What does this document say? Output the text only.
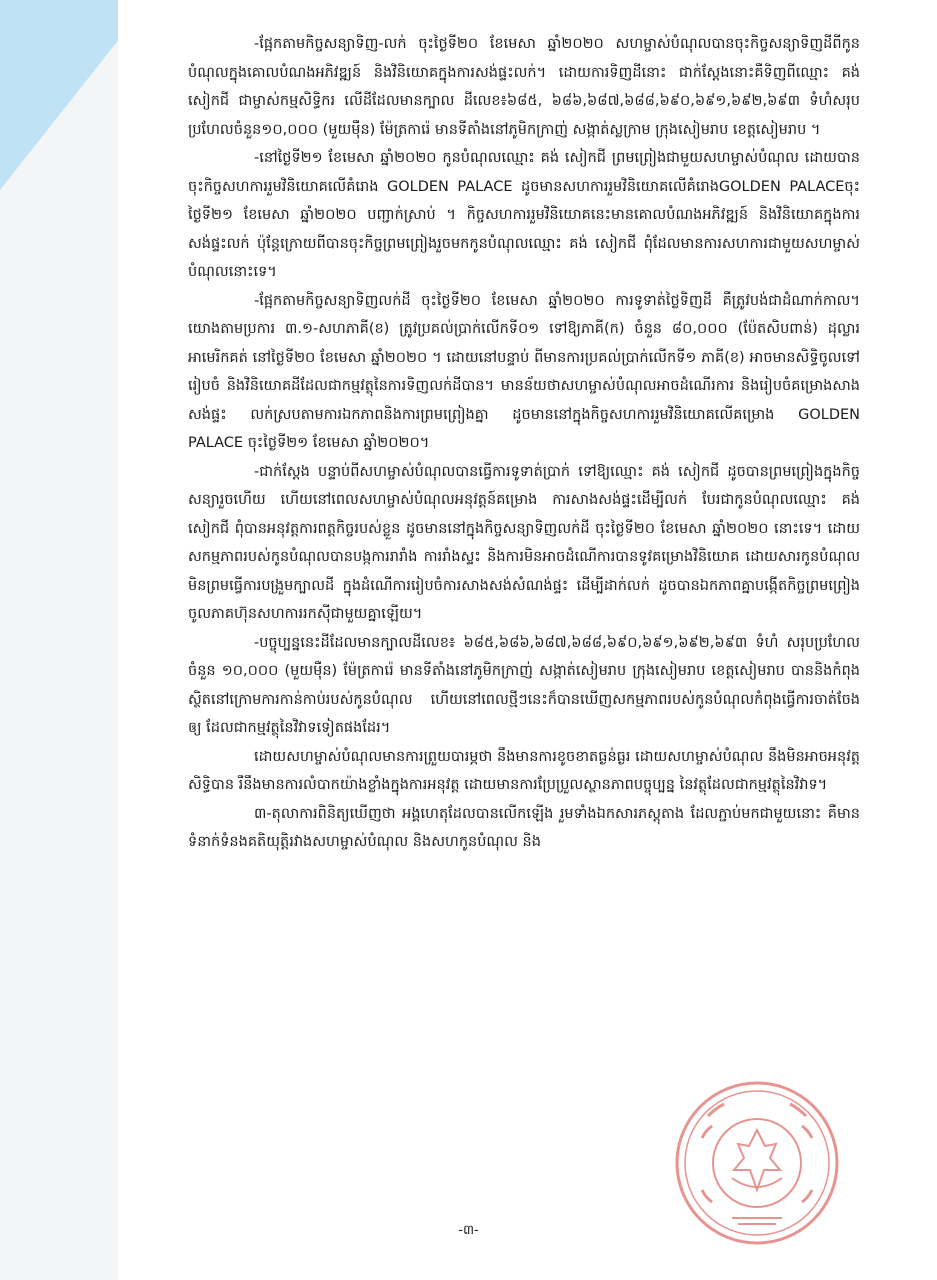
-ផ្អែកតាមកិច្ចសន្យាទិញ-លក់ ចុះថ្ងៃទី២០ ខែមេសា ឆ្នាំ២០២០ សហម្ចាស់បំណុលបានចុះកិច្ចសន្យាទិញដីពីកូនបំណុលក្នុងគោលបំណងអភិវឌ្ឍន៍ និងវិនិយោគក្នុងការសង់ផ្ទះលក់។ ដោយការទិញដីនោះ ជាក់ស្តែងនោះគឺទិញពីឈ្មោះ គង់ សៀកជី ជាម្ចាស់កម្មសិទ្ធិករ លើដីដែលមានក្បាល ដីលេខ៖៦៨៥, ៦៨៦,៦៨៧,៦៨៨,៦៩០,៦៩១,៦៩២,៦៩៣ ទំហំសរុបប្រហែលចំនួន១០,០០០ (មួយម៉ឺន) ម៉ែត្រការ៉េ មានទីតាំងនៅភូមិកក្រាញ់ សង្កាត់ស្លក្រាម ក្រុងសៀមរាប ខេត្តសៀមរាប ។

-នៅថ្ងៃទី២១ ខែមេសា ឆ្នាំ២០២០ កូនបំណុលឈ្មោះ គង់ សៀកជី ព្រមព្រៀងជាមួយសហម្ចាស់បំណុល ដោយបានចុះកិច្ចសហការរួមវិនិយោគលើគំរោង GOLDEN PALACE ដូចមានសហការរួមវិនិយោគលើគំរោងGOLDEN PALACEចុះថ្ងៃទី២១ ខែមេសា ឆ្នាំ២០២០ បញ្ជាក់ស្រាប់ ។ កិច្ចសហការរួមវិនិយោគនេះមានគោលបំណងអភិវឌ្ឍន៍ និងវិនិយោគក្នុងការសង់ផ្ទះលក់ ប៉ុន្តែក្រោយពីបានចុះកិច្ចព្រមព្រៀងរួចមកកូនបំណុលឈ្មោះ គង់ សៀកជី ពុំដែលមានការសហការជាមួយសហម្ចាស់បំណុលនោះទេ។

-ផ្អែកតាមកិច្ចសន្យាទិញលក់ដី ចុះថ្ងៃទី២០ ខែមេសា ឆ្នាំ២០២០ ការទូទាត់ថ្លៃទិញដី គឺត្រូវបង់ជាដំណាក់កាល។យោងតាមប្រការ ៣.១-សហភាគី(ខ) ត្រូវប្រគល់ប្រាក់លើកទី០១ ទៅឱ្យភាគី(ក) ចំនួន ៨០,០០០ (ប៉ែតសិបពាន់) ដុល្លារអាមេរិកគត់ នៅថ្ងៃទី២០ ខែមេសា ឆ្នាំ២០២០ ។ ដោយនៅបន្ទាប់ ពីមានការប្រគល់ប្រាក់លើកទី១ ភាគី(ខ) អាចមានសិទ្ធិចូលទៅរៀបចំ និងវិនិយោគដីដែលជាកម្មវត្ថុនៃការទិញលក់ដីបាន។ មានន័យថាសហម្ចាស់បំណុលអាចដំណើរការ និងរៀបចំគម្រោងសាងសង់ផ្ទះ លក់ស្របតាមការឯកភាពនិងការព្រមព្រៀងគ្នា ដូចមាននៅក្នុងកិច្ចសហការរួមវិនិយោគលើគម្រោង GOLDEN PALACE ចុះថ្ងៃទី២១ ខែមេសា ឆ្នាំ២០២០។

-ជាក់ស្តែង បន្ទាប់ពីសហម្ចាស់បំណុលបានធ្វើការទូទាត់ប្រាក់ ទៅឱ្យឈ្មោះ គង់ សៀកជី ដូចបានព្រមព្រៀងក្នុងកិច្ចសន្យារួចហើយ ហើយនៅពេលសហម្ចាស់បំណុលអនុវត្តន៍គម្រោង ការសាងសង់ផ្ទះដើម្បីលក់ បែរជាកូនបំណុលឈ្មោះ គង់ សៀកជី ពុំបានអនុវត្តការពត្តកិច្ចរបស់ខ្លួន ដូចមាននៅក្នុងកិច្ចសន្យាទិញលក់ដី ចុះថ្ងៃទី២០ ខែមេសា ឆ្នាំ២០២០ នោះទេ។ ដោយសកម្មភាពរបស់កូនបំណុលបានបង្កការរារាំង ការរាំងស្ទះ និងការមិនអាចដំណើការបានទូវគម្រោងវិនិយោគ ដោយសារកូនបំណុល មិនព្រមធ្វើការបង្រួមក្បាលដី ក្នុងដំណើការរៀបចំការសាងសង់សំណង់ផ្ទះ ដើម្បីដាក់លក់ ដូចបានឯកភាពគ្នាបង្កើតកិច្ចព្រមព្រៀងចូលភាគហ៊ុនសហការរកស៊ីជាមួយគ្នាឡើយ។

-បច្ចុប្បន្ននេះដីដែលមានក្បាលដីលេខ៖ ៦៨៥,៦៨៦,៦៨៧,៦៨៨,៦៩០,៦៩១,៦៩២,៦៩៣ ទំហំ សរុបប្រហែលចំនួន ១០,០០០ (មួយម៉ឺន) ម៉ែត្រការ៉េ មានទីតាំងនៅភូមិកក្រាញ់ សង្កាត់សៀមរាប ក្រុងសៀមរាប ខេត្តសៀមរាប បាននិងកំពុងស្ថិតនៅក្រោមការកាន់កាប់របស់កូនបំណុល ហើយនៅពេលថ្មីៗនេះក៏បានឃើញសកម្មភាពរបស់កូនបំណុលកំពុងធ្វើការចាត់ចែងឲ្យ ដែលជាកម្មវត្ថុនៃវិវាទទៀតផងដែរ។

ដោយសហម្ចាស់បំណុលមានការព្រួយបារម្ភថា នឹងមានការខូចខាតធ្ងន់ធ្ងរ ដោយសហម្ចាស់បំណុល នឹងមិនអាចអនុវត្តសិទ្ធិបាន រឺនឹងមានការលំបាកយ៉ាងខ្លាំងក្នុងការអនុវត្ត ដោយមានការប្រែប្រួលស្ថានភាពបច្ចុប្បន្ន នៃវត្ថុដែលជាកម្មវត្ថុនៃវិវាទ។

៣-តុលាការពិនិត្យឃើញថា អង្គហេតុដែលបានលើកឡើង រួមទាំងឯកសារភស្តុតាង ដែលភ្ជាប់មកជាមួយនោះ គឺមានទំនាក់ទំនងគតិយុត្តិរវាងសហម្ចាស់បំណុល និងសហកូនបំណុល និង

-៣-
